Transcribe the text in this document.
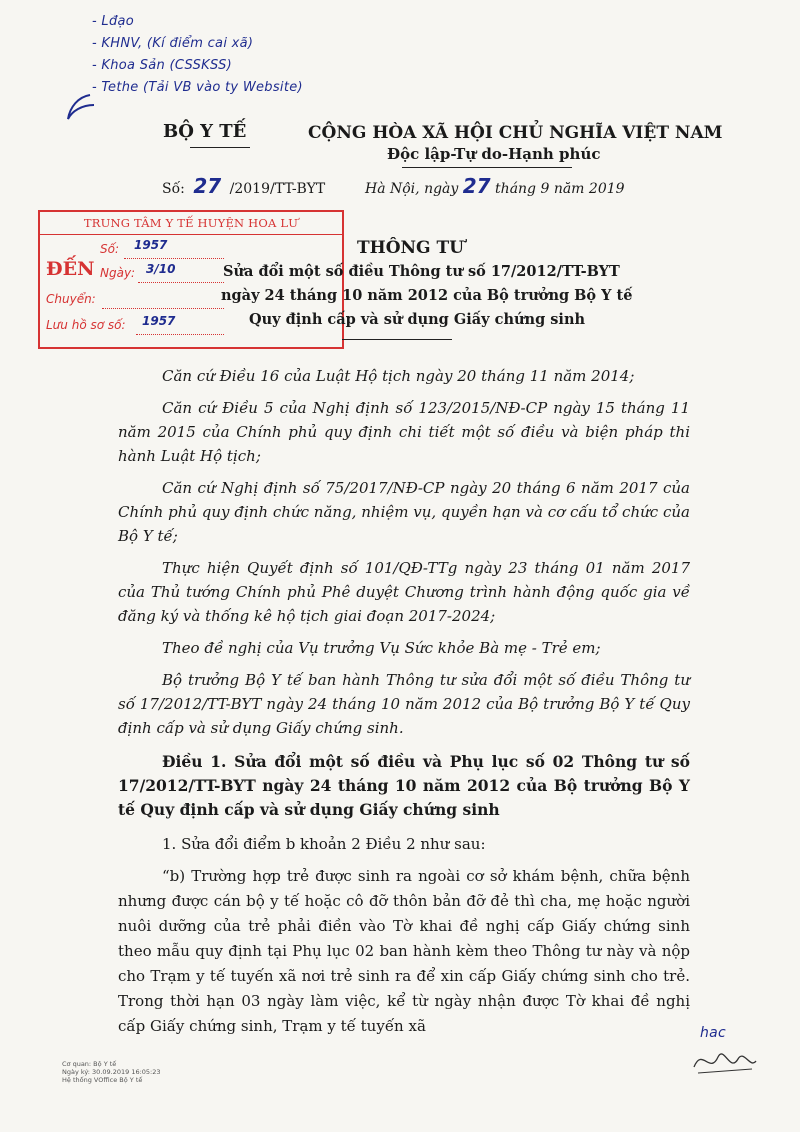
- Lđạo
- KHNV, (Kí điểm cai xã)
- Khoa Sản (CSSKSS)
- Tethe (Tải VB vào ty Website)
BỘ Y TẾ	CỘNG HÒA XÃ HỘI CHỦ NGHĨA VIỆT NAM
Độc lập-Tự do-Hạnh phúc
Số: 27 /2019/TT-BYT	Hà Nội, ngày 27 tháng 9 năm 2019
TRUNG TÂM Y TẾ HUYỆN HOA LƯ
ĐẾN
Số: 1957
Ngày: 3/10
Chuyển:
Lưu hồ sơ số: 1957
THÔNG TƯ
Sửa đổi một số điều Thông tư số 17/2012/TT-BYT
ngày 24 tháng 10 năm 2012 của Bộ trưởng Bộ Y tế
Quy định cấp và sử dụng Giấy chứng sinh

Căn cứ Điều 16 của Luật Hộ tịch ngày 20 tháng 11 năm 2014;

Căn cứ Điều 5 của Nghị định số 123/2015/NĐ-CP ngày 15 tháng 11 năm 2015 của Chính phủ quy định chi tiết một số điều và biện pháp thi hành Luật Hộ tịch;

Căn cứ Nghị định số 75/2017/NĐ-CP ngày 20 tháng 6 năm 2017 của Chính phủ quy định chức năng, nhiệm vụ, quyền hạn và cơ cấu tổ chức của Bộ Y tế;

Thực hiện Quyết định số 101/QĐ-TTg ngày 23 tháng 01 năm 2017 của Thủ tướng Chính phủ Phê duyệt Chương trình hành động quốc gia về đăng ký và thống kê hộ tịch giai đoạn 2017-2024;

Theo đề nghị của Vụ trưởng Vụ Sức khỏe Bà mẹ - Trẻ em;

Bộ trưởng Bộ Y tế ban hành Thông tư sửa đổi một số điều Thông tư số 17/2012/TT-BYT ngày 24 tháng 10 năm 2012 của Bộ trưởng Bộ Y tế Quy định cấp và sử dụng Giấy chứng sinh.

Điều 1. Sửa đổi một số điều và Phụ lục số 02 Thông tư số 17/2012/TT-BYT ngày 24 tháng 10 năm 2012 của Bộ trưởng Bộ Y tế Quy định cấp và sử dụng Giấy chứng sinh

1. Sửa đổi điểm b khoản 2 Điều 2 như sau:

“b) Trường hợp trẻ được sinh ra ngoài cơ sở khám bệnh, chữa bệnh nhưng được cán bộ y tế hoặc cô đỡ thôn bản đỡ đẻ thì cha, mẹ hoặc người nuôi dưỡng của trẻ phải điền vào Tờ khai đề nghị cấp Giấy chứng sinh theo mẫu quy định tại Phụ lục 02 ban hành kèm theo Thông tư này và nộp cho Trạm y tế tuyến xã nơi trẻ sinh ra để xin cấp Giấy chứng sinh cho trẻ. Trong thời hạn 03 ngày làm việc, kể từ ngày nhận được Tờ khai đề nghị cấp Giấy chứng sinh, Trạm y tế tuyến xã	hac
Cơ quan: Bộ Y tế
Ngày ký: 30.09.2019 16:05:23
Hệ thống VOffice Bộ Y tế
